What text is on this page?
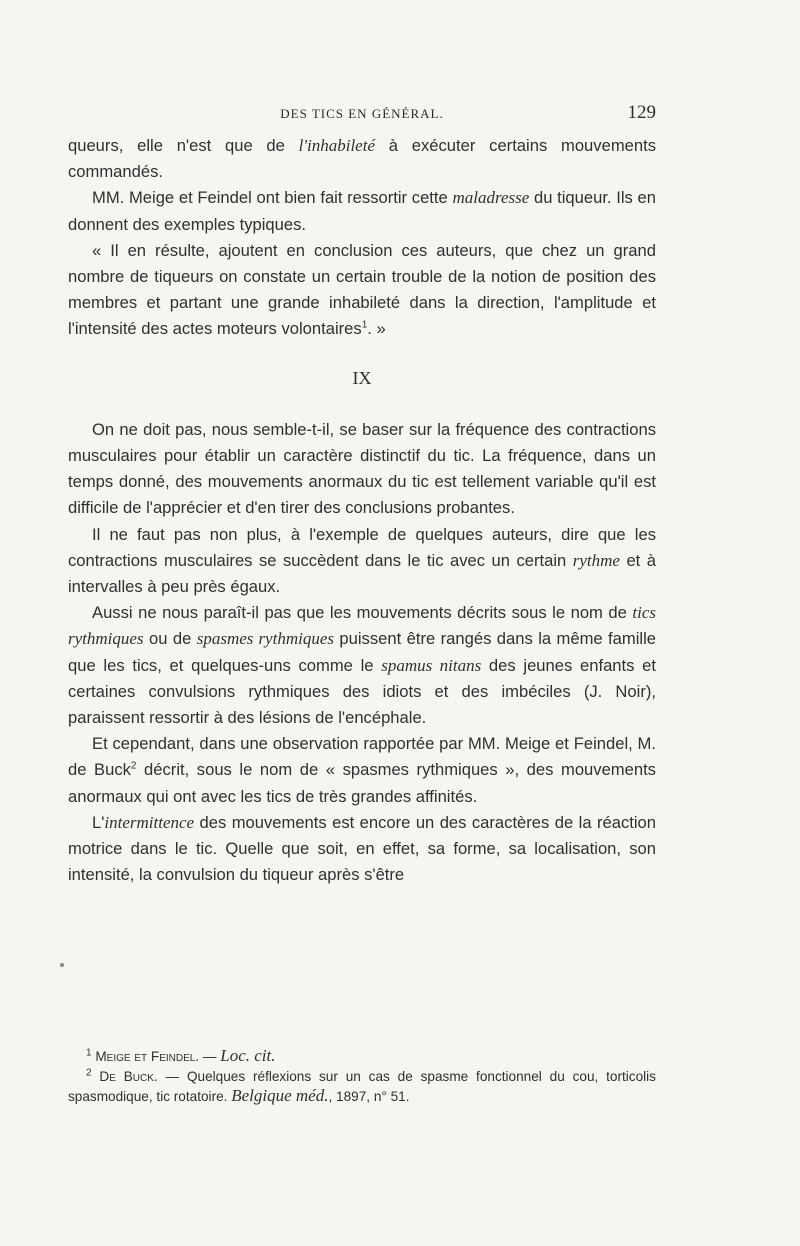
DES TICS EN GÉNÉRAL.	129

queurs, elle n'est que de l'inhabileté à exécuter certains mouvements commandés.

MM. Meige et Feindel ont bien fait ressortir cette maladresse du tiqueur. Ils en donnent des exemples typiques.

« Il en résulte, ajoutent en conclusion ces auteurs, que chez un grand nombre de tiqueurs on constate un certain trouble de la notion de position des membres et partant une grande inhabileté dans la direction, l'amplitude et l'intensité des actes moteurs volontaires$^1$. »

IX

On ne doit pas, nous semble-t-il, se baser sur la fréquence des contractions musculaires pour établir un caractère distinctif du tic. La fréquence, dans un temps donné, des mouvements anormaux du tic est tellement variable qu'il est difficile de l'apprécier et d'en tirer des conclusions probantes.

Il ne faut pas non plus, à l'exemple de quelques auteurs, dire que les contractions musculaires se succèdent dans le tic avec un certain rythme et à intervalles à peu près égaux.

Aussi ne nous paraît-il pas que les mouvements décrits sous le nom de tics rythmiques ou de spasmes rythmiques puissent être rangés dans la même famille que les tics, et quelques-uns comme le spamus nitans des jeunes enfants et certaines convulsions rythmiques des idiots et des imbéciles (J. Noir), paraissent ressortir à des lésions de l'encéphale.

Et cependant, dans une observation rapportée par MM. Meige et Feindel, M. de Buck$^2$ décrit, sous le nom de « spasmes rythmiques », des mouvements anormaux qui ont avec les tics de très grandes affinités.

L'intermittence des mouvements est encore un des caractères de la réaction motrice dans le tic. Quelle que soit, en effet, sa forme, sa localisation, son intensité, la convulsion du tiqueur après s'être

$^1$ Meige et Feindel. — Loc. cit.

$^2$ De Buck. — Quelques réflexions sur un cas de spasme fonctionnel du cou, torticolis spasmodique, tic rotatoire. Belgique méd., 1897, n° 51.
